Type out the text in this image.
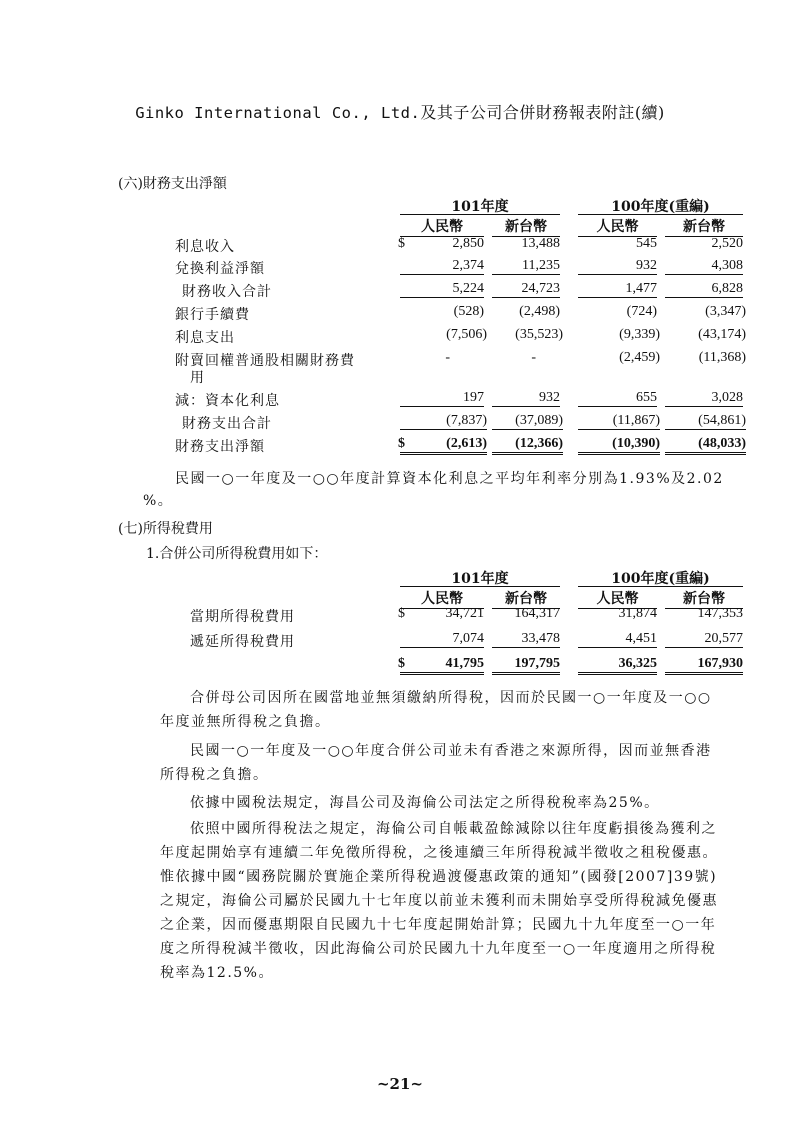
Ginko International Co., Ltd.及其子公司合併財務報表附註(續)
(六)財務支出淨額
101年度	100年度(重編)
人民幣	新台幣	人民幣	新台幣
利息收入	$	2,850	13,488	545	2,520
兌換利益淨額	2,374	11,235	932	4,308
財務收入合計	5,224	24,723	1,477	6,828
銀行手續費	(528)	(2,498)	(724)	(3,347)
利息支出	(7,506)	(35,523)	(9,339)	(43,174)
附賣回權普通股相關財務費
用
-	-	(2,459)	(11,368)
減：資本化利息	197	932	655	3,028
財務支出合計	(7,837)	(37,089)	(11,867)	(54,861)
財務支出淨額	$	(2,613)	(12,366)	(10,390)	(48,033)
民國一○一年度及一○○年度計算資本化利息之平均年利率分別為1.93%及2.02
%。
(七)所得稅費用
1.合併公司所得稅費用如下：
101年度	100年度(重編)
人民幣	新台幣	人民幣	新台幣
當期所得稅費用	$	34,721	164,317	31,874	147,353
遞延所得稅費用	7,074	33,478	4,451	20,577
$	41,795	197,795	36,325	167,930
合併母公司因所在國當地並無須繳納所得稅，因而於民國一○一年度及一○○
年度並無所得稅之負擔。
民國一○一年度及一○○年度合併公司並未有香港之來源所得，因而並無香港
所得稅之負擔。
依據中國稅法規定，海昌公司及海倫公司法定之所得稅稅率為25%。
依照中國所得稅法之規定，海倫公司自帳載盈餘減除以往年度虧損後為獲利之
年度起開始享有連續二年免徵所得稅，之後連續三年所得稅減半徵收之租稅優惠。
惟依據中國“國務院關於實施企業所得稅過渡優惠政策的通知”(國發[2007]39號)
之規定，海倫公司屬於民國九十七年度以前並未獲利而未開始享受所得稅減免優惠
之企業，因而優惠期限自民國九十七年度起開始計算；民國九十九年度至一○一年
度之所得稅減半徵收，因此海倫公司於民國九十九年度至一○一年度適用之所得稅
稅率為12.5%。
~21~
